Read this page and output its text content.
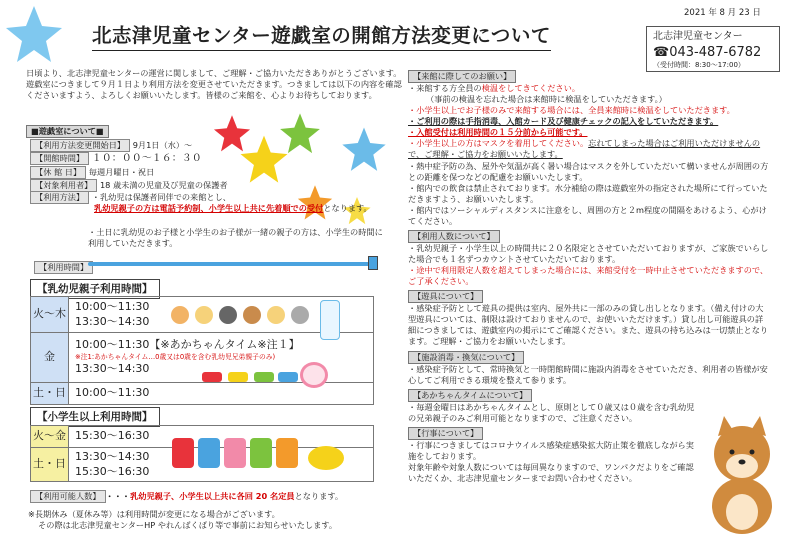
2021 年 8 月 23 日
北志津児童センター遊戯室の開館方法変更について	北志津児童センター
☎043-487-6782
（受付時間：8:30～17:00）
日頃より、北志津児童センターの運営に関しまして、ご理解・ご協力いただきありがとうございます。遊戯室につきまして９月１日より利用方法を変更させていただきます。つきましては以下の内容を確認くださいますよう、よろしくお願いいたします。皆様のご来館を、心よりお待ちしております。
■遊戯室について■
【利用方法変更開始日】 9月1日（水）～
【開館時間】 １０：００～１６：３０
【休 館 日】 毎週月曜日・祝日
【対象利用者】 18 歳未満の児童及び児童の保護者
【利用方法】 ・乳幼児は保護者同伴での来館とし、
乳幼児親子の方は電話予約制、小学生以上共に先着順での受付となります。
・土日に乳幼児のお子様と小学生のお子様が一緒の親子の方は、小学生の時間に利用していただきます。
【利用時間】
【乳幼児親子利用時間】
火～木	10:00～11:30
13:30～14:30

金	10:00～11:30【※あかちゃんタイム※注１】
※注1:あかちゃんタイム…0歳又は0歳を含む乳幼児兄弟親子のみ)
13:30～14:30

土・日	10:00～11:30
【小学生以上利用時間】
火～金	15:30～16:30

土・日	13:30～14:30
15:30～16:30
【利用可能人数】 ・・・乳幼児親子、小学生以上共に各回 20 名定員となります。
※長期休み（夏休み等）は利用時間が変更になる場合がございます。
その際は北志津児童センターHP やれんばくばり等で事前にお知らせいたします。
【来館に際してのお願い】
・来館する方全員の検温をしてきてください。
（事前の検温を忘れた場合は来館時に検温をしていただきます。）
・小学生以上でお子様のみで来館する場合には、全員来館時に検温をしていただきます。
・ご利用の際は手指消毒、入館カード及び健康チェックの記入をしていただきます。
・入館受付は利用時間の１５分前から可能です。
・小学生以上の方はマスクを着用してください。忘れてしまった場合はご利用いただけませんので、ご理解・ご協力をお願いいたします。
・熱中症予防の為、屋外や気温が高く暑い場合はマスクを外していただいて構いませんが周囲の方との距離を保つなどの配慮をお願いいたします。
・館内での飲食は禁止されております。水分補給の際は遊戯室外の指定された場所にて行っていただきますよう、お願いいたします。
・館内ではソーシャルディスタンスに注意をし、周囲の方と２m程度の間隔をあけるよう、心がけてください。
【利用人数について】
・乳幼児親子・小学生以上の時間共に２０名限定とさせていただいておりますが、ご家族でいらした場合でも１名ずつカウントさせていただいております。
・途中で利用限定人数を超えてしまった場合には、来館受付を一時中止させていただきますので、ご了承ください。
【遊具について】
・感染症予防として遊具の提供は室内、屋外共に一部のみの貸し出しとなります。（備え付けの大型遊具については、制限は設けておりませんので、お使いいただけます。）貸し出し可能遊具の詳細につきましては、遊戯室内の掲示にてご確認ください。また、遊具の持ち込みは一切禁止となります。ご理解・ご協力をお願いいたします。
【施設消毒・換気について】
・感染症予防として、常時換気と一時閉館時間に施設内消毒をさせていただき、利用者の皆様が安心してご利用できる環境を整えて参ります。
【あかちゃんタイムについて】
・毎週金曜日はあかちゃんタイムとし、原則として０歳又は０歳を含む乳幼児の兄弟親子のみご利用可能となりますので、ご注意ください。
【行事について】
・行事につきましてはコロナウイルス感染症感染拡大防止策を徹底しながら実施をしております。
対象年齢や対象人数については毎回異なりますので、ワンパクだよりをご確認いただくか、北志津児童センターまでお問い合わせください。
